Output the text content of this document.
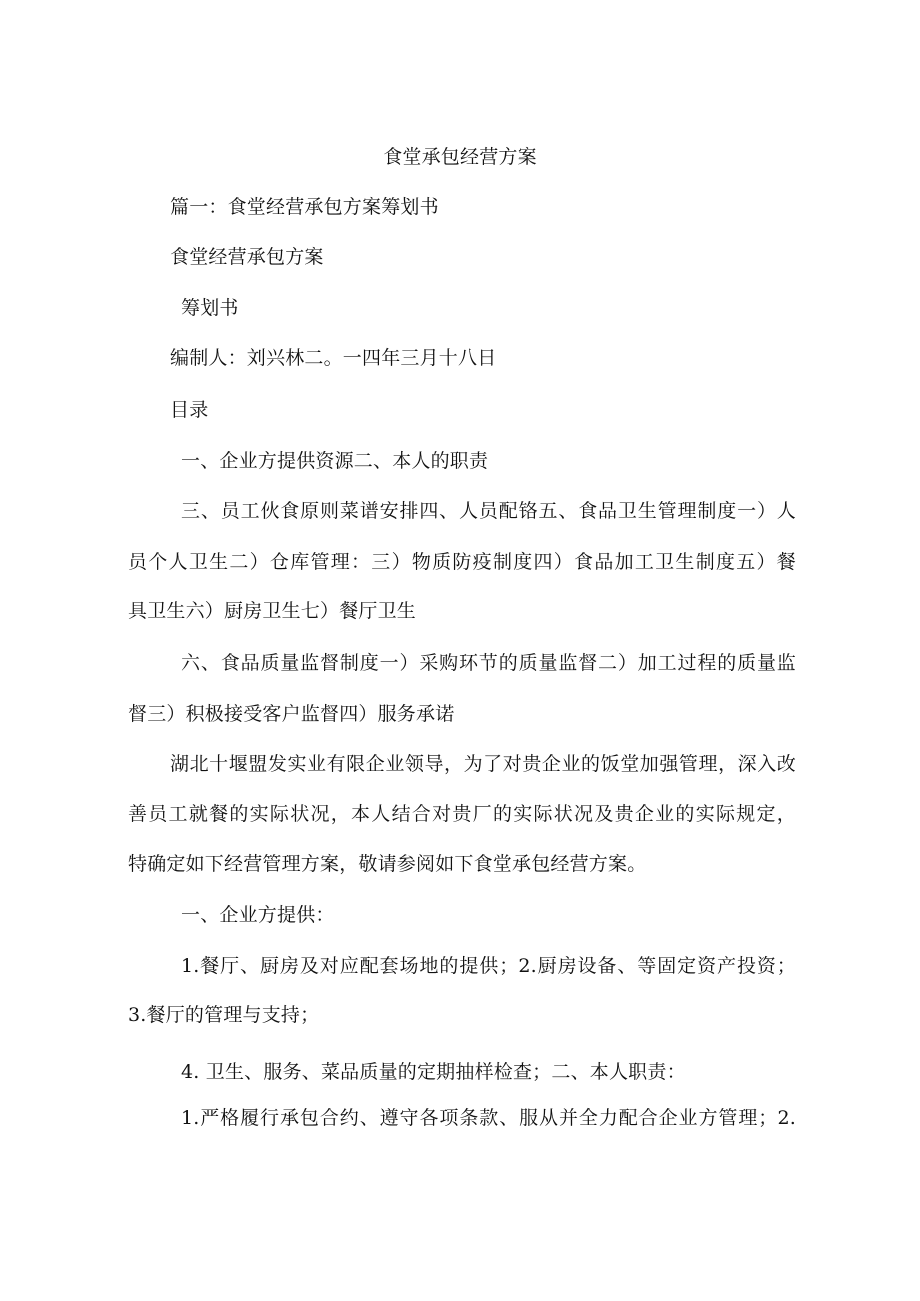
食堂承包经营方案
篇一：食堂经营承包方案筹划书
食堂经营承包方案
筹划书
编制人：刘兴林二。一四年三月十八日
目录
一、企业方提供资源二、本人的职责
三、员工伙食原则菜谱安排四、人员配铬五、食品卫生管理制度一）人
员个人卫生二）仓库管理：三）物质防疫制度四）食品加工卫生制度五）餐
具卫生六）厨房卫生七）餐厅卫生
六、食品质量监督制度一）采购环节的质量监督二）加工过程的质量监
督三）积极接受客户监督四）服务承诺
湖北十堰盟发实业有限企业领导，为了对贵企业的饭堂加强管理，深入改
善员工就餐的实际状况，本人结合对贵厂的实际状况及贵企业的实际规定，
特确定如下经营管理方案，敬请参阅如下食堂承包经营方案。
一、企业方提供：
1.餐厅、厨房及对应配套场地的提供；2.厨房设备、等固定资产投资；
3.餐厅的管理与支持；
4. 卫生、服务、菜品质量的定期抽样检查；二、本人职责：
1.严格履行承包合约、遵守各项条款、服从并全力配合企业方管理；2.
